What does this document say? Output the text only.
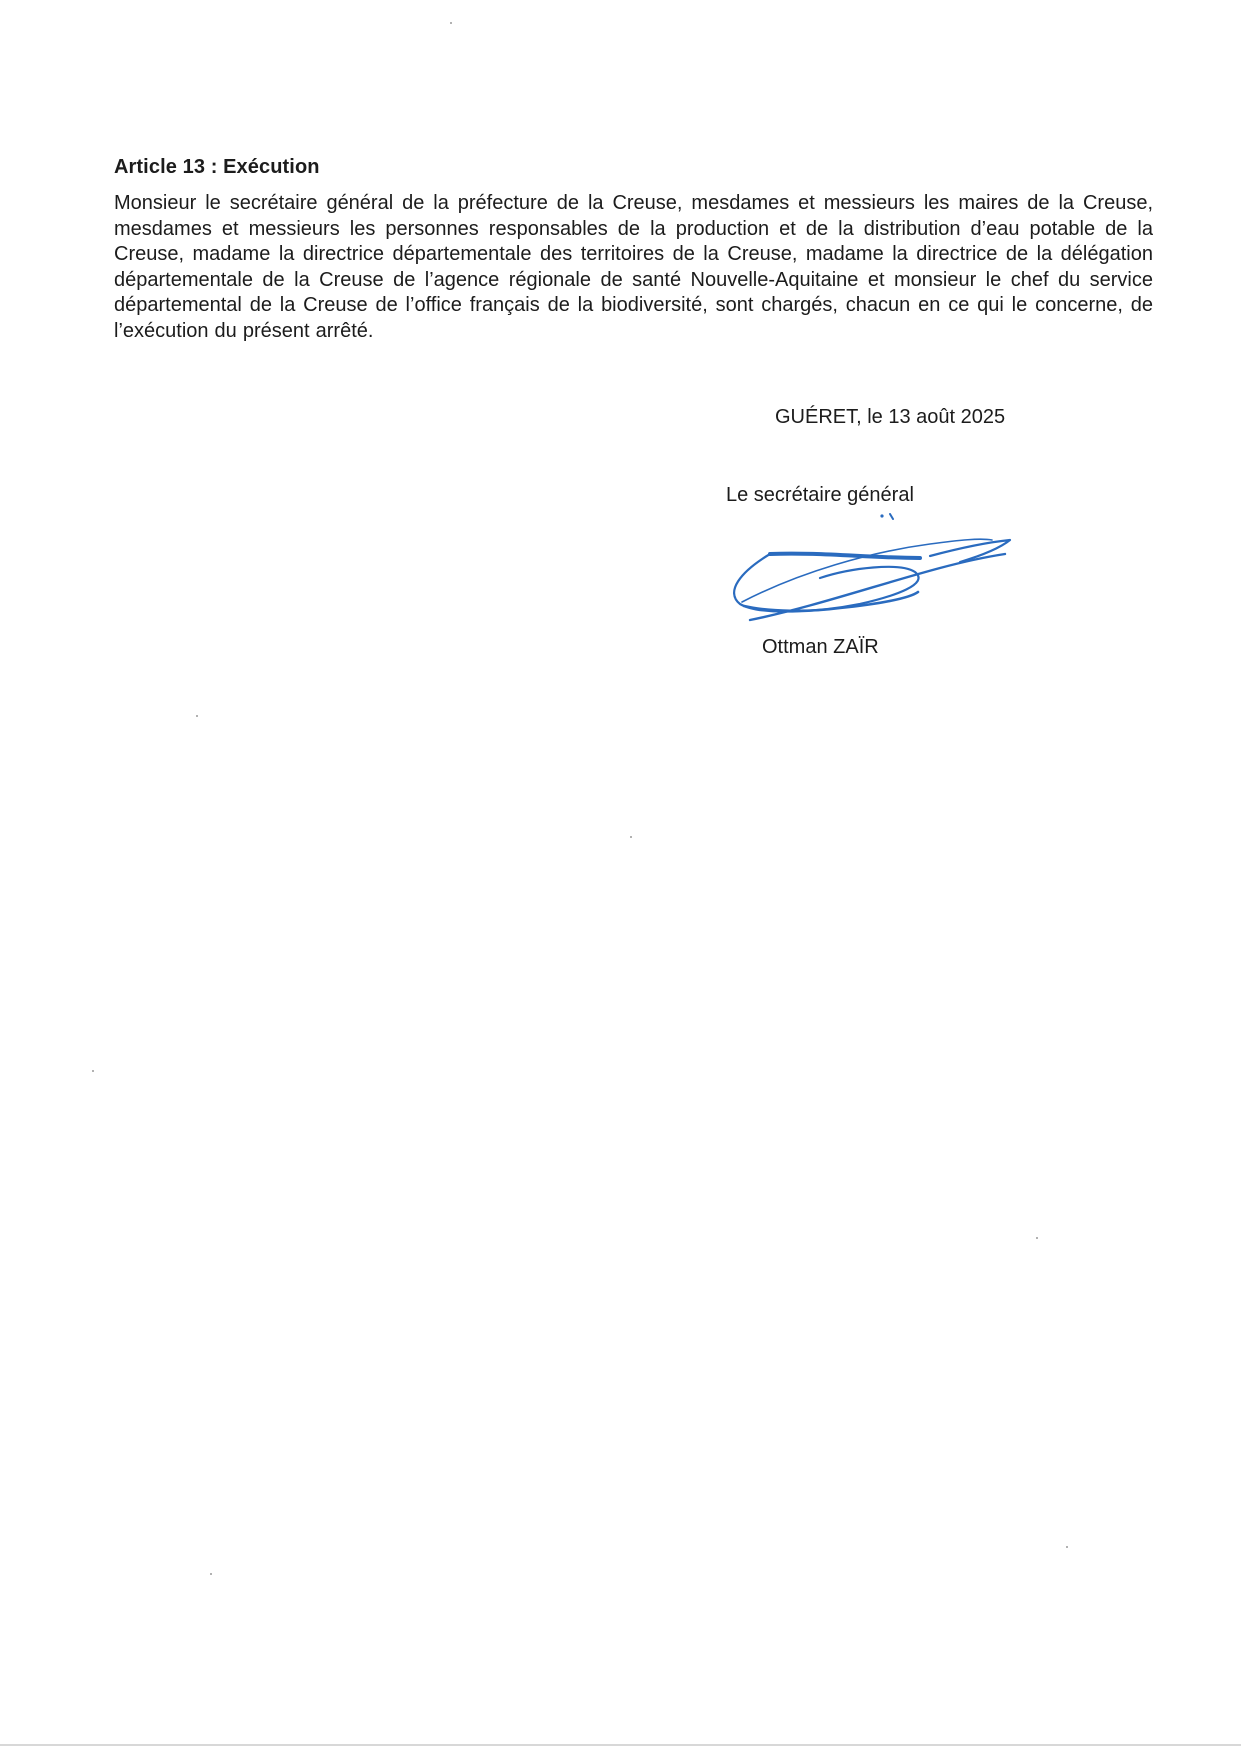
Article 13 : Exécution

Monsieur le secrétaire général de la préfecture de la Creuse, mesdames et messieurs les maires de la Creuse, mesdames et messieurs les personnes responsables de la production et de la distribution d’eau potable de la Creuse, madame la directrice départementale des territoires de la Creuse, madame la directrice de la délégation départementale de la Creuse de l’agence régionale de santé Nouvelle-Aquitaine et monsieur le chef du service départemental de la Creuse de l’office français de la biodiversité, sont chargés, chacun en ce qui le concerne, de l’exécution du présent arrêté.

GUÉRET, le 13 août 2025

Le secrétaire général

Ottman ZAÏR
